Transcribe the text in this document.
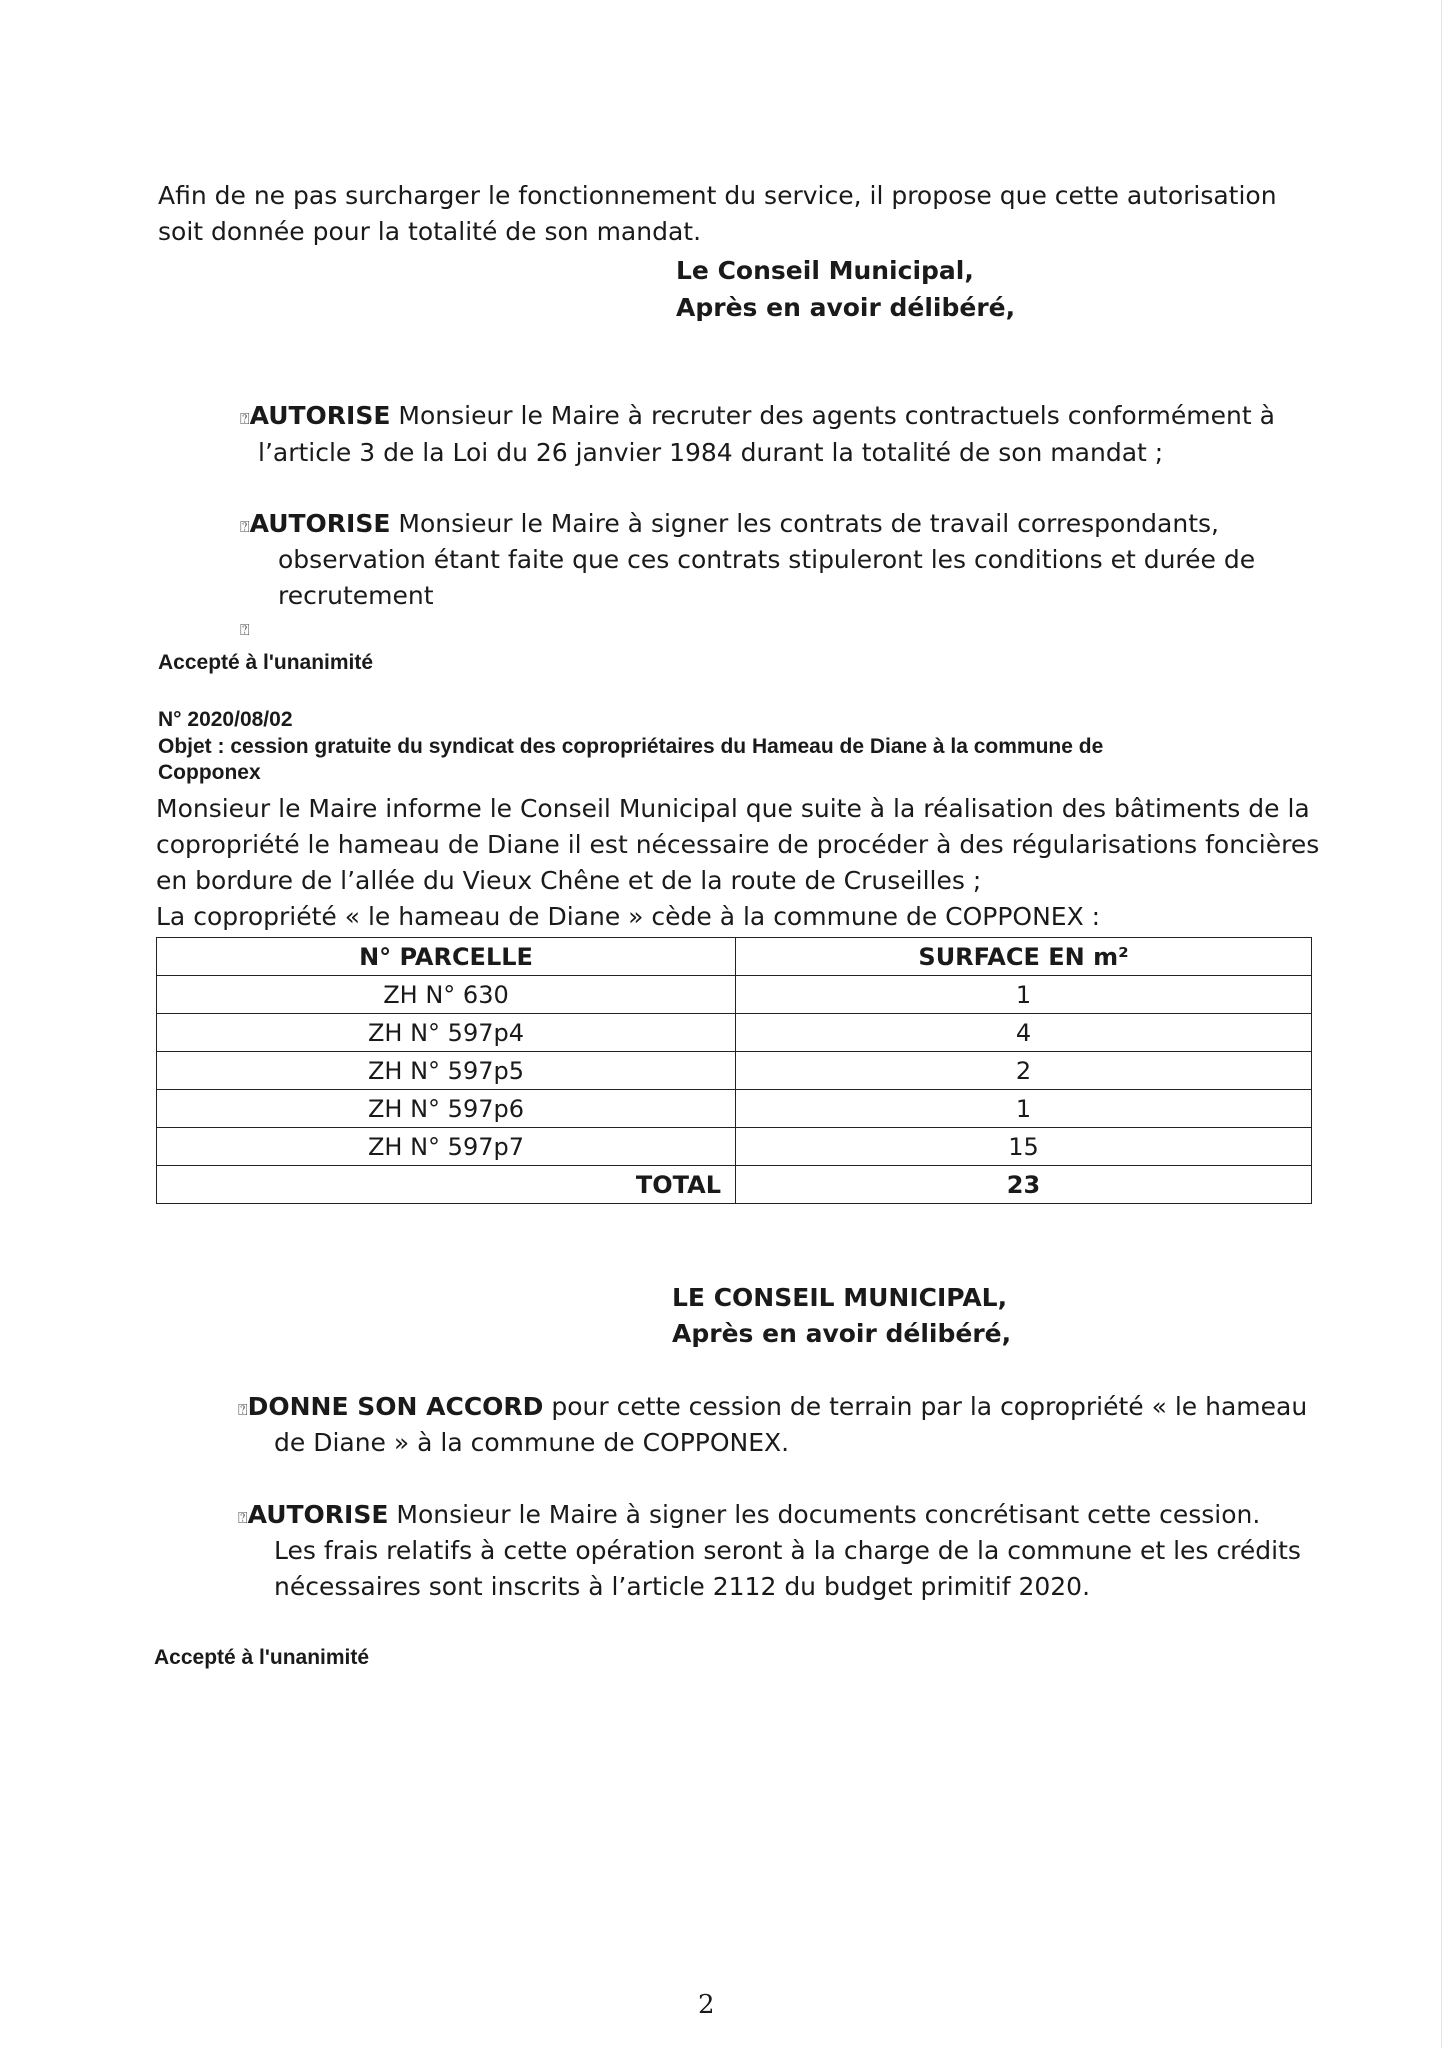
Afin de ne pas surcharger le fonctionnement du service, il propose que cette autorisation
soit donnée pour la totalité de son mandat.
Le Conseil Municipal,
Après en avoir délibéré,
⍰AUTORISE Monsieur le Maire à recruter des agents contractuels conformément à
l’article 3 de la Loi du 26 janvier 1984 durant la totalité de son mandat ;
⍰AUTORISE Monsieur le Maire à signer les contrats de travail correspondants,
observation étant faite que ces contrats stipuleront les conditions et durée de
recrutement
⍰
Accepté à l'unanimité
N° 2020/08/02
Objet : cession gratuite du syndicat des copropriétaires du Hameau de Diane à la commune de
Copponex
Monsieur le Maire informe le Conseil Municipal que suite à la réalisation des bâtiments de la
copropriété le hameau de Diane il est nécessaire de procéder à des régularisations foncières
en bordure de l’allée du Vieux Chêne et de la route de Cruseilles ;
La copropriété « le hameau de Diane » cède à la commune de COPPONEX :
N° PARCELLE	SURFACE EN m²
ZH N° 630	1
ZH N° 597p4	4
ZH N° 597p5	2
ZH N° 597p6	1
ZH N° 597p7	15
TOTAL	23
LE CONSEIL MUNICIPAL,
Après en avoir délibéré,
⍰DONNE SON ACCORD pour cette cession de terrain par la copropriété « le hameau
de Diane » à la commune de COPPONEX.
⍰AUTORISE Monsieur le Maire à signer les documents concrétisant cette cession.
Les frais relatifs à cette opération seront à la charge de la commune et les crédits
nécessaires sont inscrits à l’article 2112 du budget primitif 2020.
Accepté à l'unanimité
2
